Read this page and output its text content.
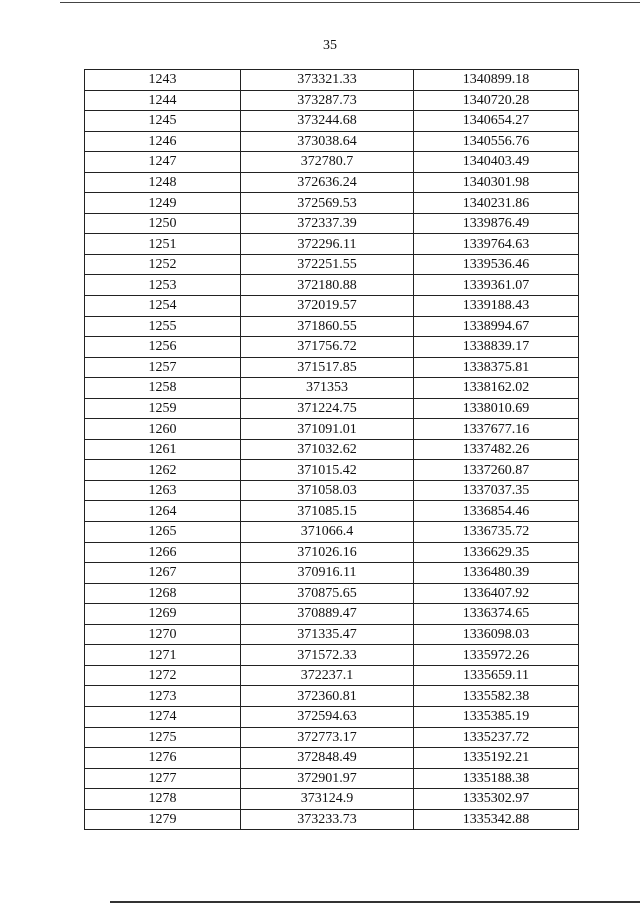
35
1243	373321.33	1340899.18
1244	373287.73	1340720.28
1245	373244.68	1340654.27
1246	373038.64	1340556.76
1247	372780.7	1340403.49
1248	372636.24	1340301.98
1249	372569.53	1340231.86
1250	372337.39	1339876.49
1251	372296.11	1339764.63
1252	372251.55	1339536.46
1253	372180.88	1339361.07
1254	372019.57	1339188.43
1255	371860.55	1338994.67
1256	371756.72	1338839.17
1257	371517.85	1338375.81
1258	371353	1338162.02
1259	371224.75	1338010.69
1260	371091.01	1337677.16
1261	371032.62	1337482.26
1262	371015.42	1337260.87
1263	371058.03	1337037.35
1264	371085.15	1336854.46
1265	371066.4	1336735.72
1266	371026.16	1336629.35
1267	370916.11	1336480.39
1268	370875.65	1336407.92
1269	370889.47	1336374.65
1270	371335.47	1336098.03
1271	371572.33	1335972.26
1272	372237.1	1335659.11
1273	372360.81	1335582.38
1274	372594.63	1335385.19
1275	372773.17	1335237.72
1276	372848.49	1335192.21
1277	372901.97	1335188.38
1278	373124.9	1335302.97
1279	373233.73	1335342.88
